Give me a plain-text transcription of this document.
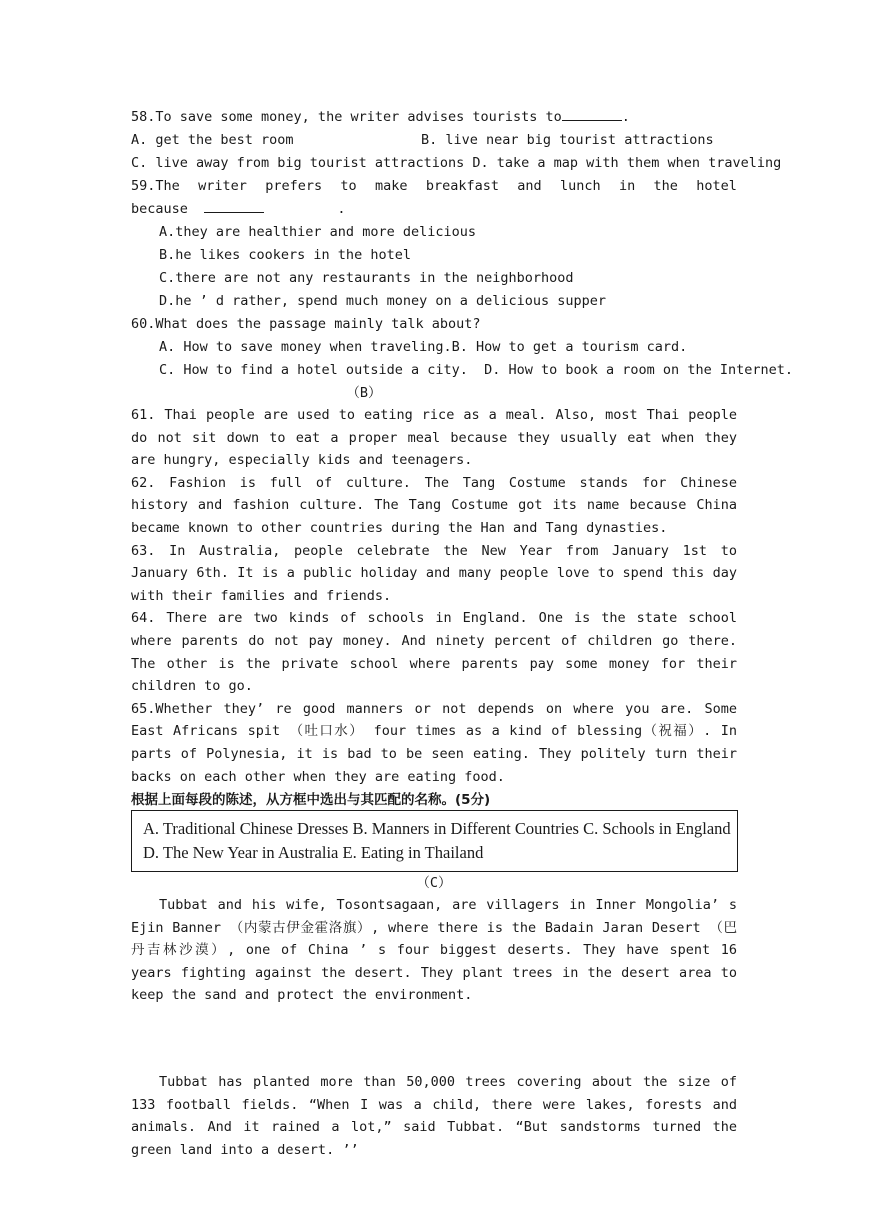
58.To save some money, the writer advises tourists to	.
A. get the best room	B. live near big tourist attractions
C. live away from big tourist attractions D. take a map with them when traveling
59.The writer prefers to make breakfast and lunch in the hotel
because	.
A.they are healthier and more delicious
B.he likes cookers in the hotel
C.there are not any restaurants in the neighborhood
D.he ’ d rather, spend much money on a delicious supper
60.What does the passage mainly talk about?
A. How to save money when traveling.B. How to get a tourism card.
C. How to find a hotel outside a city. D. How to book a room on the Internet.
（B）
61. Thai people are used to eating rice as a meal. Also, most Thai people do not sit down to eat a proper meal because they usually eat when they are hungry, especially kids and teenagers.
62. Fashion is full of culture. The Tang Costume stands for Chinese history and fashion culture. The Tang Costume got its name because China became known to other countries during the Han and Tang dynasties.
63. In Australia, people celebrate the New Year from January 1st to January 6th. It is a public holiday and many people love to spend this day with their families and friends.
64. There are two kinds of schools in England. One is the state school where parents do not pay money. And ninety percent of children go there. The other is the private school where parents pay some money for their children to go.
65.Whether they’ re good manners or not depends on where you are. Some East Africans spit （吐口水） four times as a kind of blessing（祝福）. In parts of Polynesia, it is bad to be seen eating. They politely turn their backs on each other when they are eating food.
根据上面每段的陈述，从方框中选出与其匹配的名称。(5分)
A. Traditional Chinese Dresses B. Manners in Different Countries C. Schools in England D. The New Year in Australia E. Eating in Thailand
（C）
Tubbat and his wife, Tosontsagaan, are villagers in Inner Mongolia’ s Ejin Banner （内蒙古伊金霍洛旗）, where there is the Badain Jaran Desert （巴丹吉林沙漠）, one of China ’ s four biggest deserts. They have spent 16 years fighting against the desert. They plant trees in the desert area to keep the sand and protect the environment.
Tubbat has planted more than 50,000 trees covering about the size of 133 football fields. “When I was a child, there were lakes, forests and animals. And it rained a lot,” said Tubbat. “But sandstorms turned the green land into a desert. ’’
